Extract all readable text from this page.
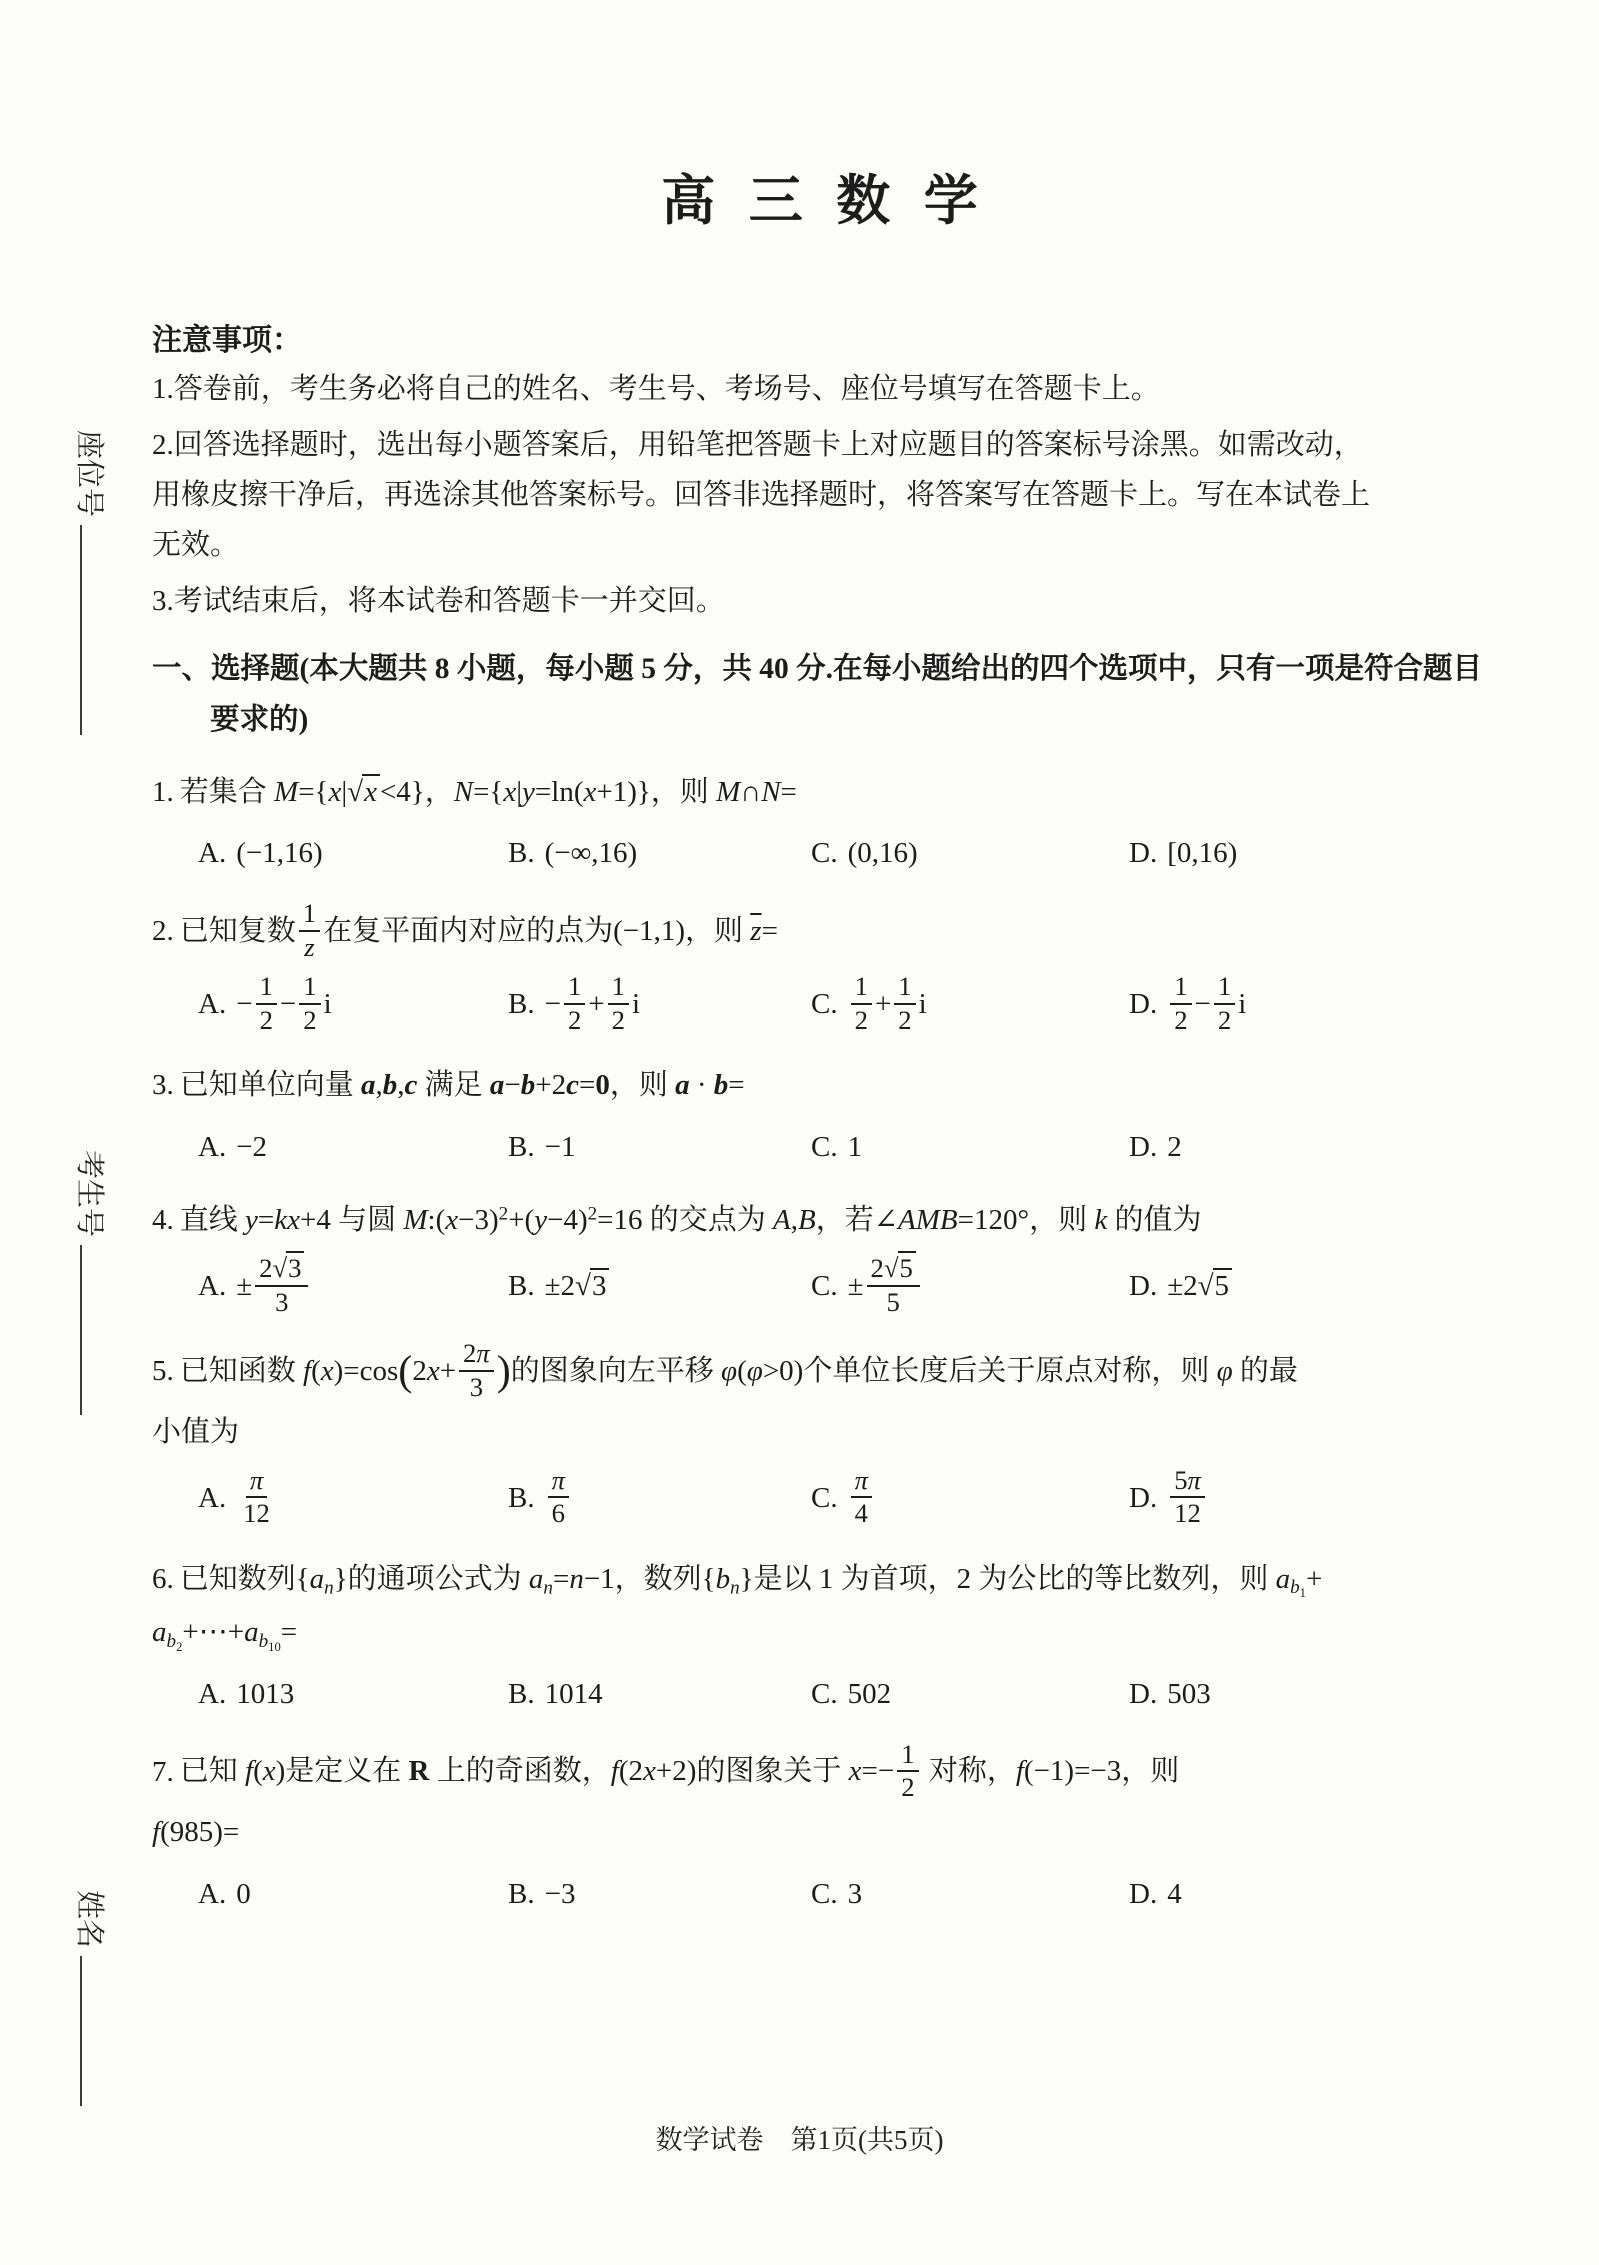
座位号
考生号
姓名
高 三 数 学
注意事项：
1.答卷前，考生务必将自己的姓名、考生号、考场号、座位号填写在答题卡上。
2.回答选择题时，选出每小题答案后，用铅笔把答题卡上对应题目的答案标号涂黑。如需改动，
用橡皮擦干净后，再选涂其他答案标号。回答非选择题时，将答案写在答题卡上。写在本试卷上
无效。
3.考试结束后，将本试卷和答题卡一并交回。
一、选择题(本大题共 8 小题，每小题 5 分，共 40 分.在每小题给出的四个选项中，只有一项是符合题目要求的)
1. 若集合 M={x|√x <4}，N={x|y=ln(x+1)}，则 M∩N=
A. (−1,16)	B. (−∞,16)	C. (0,16)	D. [0,16)
2. 已知复数 $\frac{1}{z}$ 在复平面内对应的点为(−1,1)，则 $\overline{z}=$
A. − $\frac{1}{2} - \frac{1}{2}$ i	B. − $\frac{1}{2} + \frac{1}{2}$ i	C. $\frac{1}{2} + \frac{1}{2}$ i	D. $\frac{1}{2} - \frac{1}{2}$ i
3. 已知单位向量 a,b,c 满足 a−b+2c=0，则 a · b=
A. −2	B. −1	C. 1	D. 2
4. 直线 y=kx+4 与圆 $M:(x-3)^2+(y-4)^2=16$ 的交点为 A,B，若∠AMB=120°，则 k 的值为
A. ± $\frac{2√3}{3}$	B. ±2√3	C. ± $\frac{2√5}{5}$	D. ±2√5
5. 已知函数 $f(x)=\cos(2x+ \frac{2\pi}{3}$ )的图象向左平移 φ(φ>0)个单位长度后关于原点对称，则 φ 的最
小值为
A. $\frac{\pi}{12}$	B. $\frac{\pi}{6}$	C. $\frac{\pi}{4}$	D. $\frac{5\pi}{12}$
6. 已知数列{an}的通项公式为 an=n−1，数列{bn}是以 1 为首项，2 为公比的等比数列，则 ab1+
ab2+⋯+ab10=
A. 1013	B. 1014	C. 502	D. 503
7. 已知 f(x)是定义在 R 上的奇函数，f(2x+2)的图象关于 $x=- \frac{1}{2}$ 对称，f(−1)=−3，则
f(985)=
A. 0	B. −3	C. 3	D. 4
数学试卷　第1页(共5页)
